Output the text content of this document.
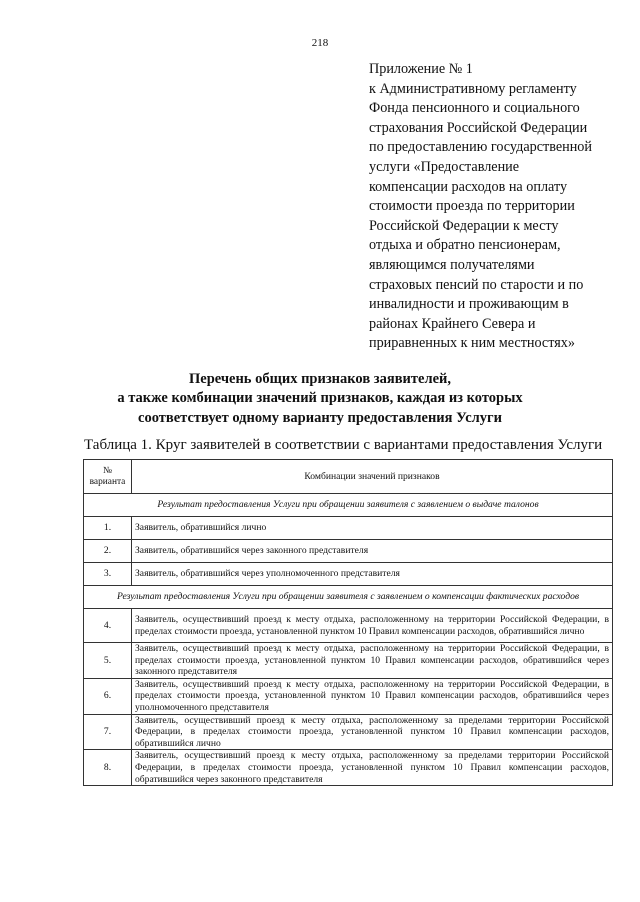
218
Приложение № 1
к Административному регламенту
Фонда пенсионного и социального
страхования Российской Федерации
по предоставлению государственной
услуги «Предоставление
компенсации расходов на оплату
стоимости проезда по территории
Российской Федерации к месту
отдыха и обратно пенсионерам,
являющимся получателями
страховых пенсий по старости и по
инвалидности и проживающим в
районах Крайнего Севера и
приравненных к ним местностях»
Перечень общих признаков заявителей,
а также комбинации значений признаков, каждая из которых
соответствует одному варианту предоставления Услуги
Таблица 1. Круг заявителей в соответствии с вариантами предоставления Услуги
№
варианта	Комбинации значений признаков
Результат предоставления Услуги при обращении заявителя с заявлением о выдаче талонов	
1.	Заявитель, обратившийся лично
2.	Заявитель, обратившийся через законного представителя
3.	Заявитель, обратившийся через уполномоченного представителя
Результат предоставления Услуги при обращении заявителя с заявлением о компенсации фактических расходов	
4.	Заявитель, осуществивший проезд к месту отдыха, расположенному на территории Российской Федерации, в пределах стоимости проезда, установленной пунктом 10 Правил компенсации расходов, обратившийся лично
5.	Заявитель, осуществивший проезд к месту отдыха, расположенному на территории Российской Федерации, в пределах стоимости проезда, установленной пунктом 10 Правил компенсации расходов, обратившийся через законного представителя
6.	Заявитель, осуществивший проезд к месту отдыха, расположенному на территории Российской Федерации, в пределах стоимости проезда, установленной пунктом 10 Правил компенсации расходов, обратившийся через уполномоченного представителя
7.	Заявитель, осуществивший проезд к месту отдыха, расположенному за пределами территории Российской Федерации, в пределах стоимости проезда, установленной пунктом 10 Правил компенсации расходов, обратившийся лично
8.	Заявитель, осуществивший проезд к месту отдыха, расположенному за пределами территории Российской Федерации, в пределах стоимости проезда, установленной пунктом 10 Правил компенсации расходов, обратившийся через законного представителя
